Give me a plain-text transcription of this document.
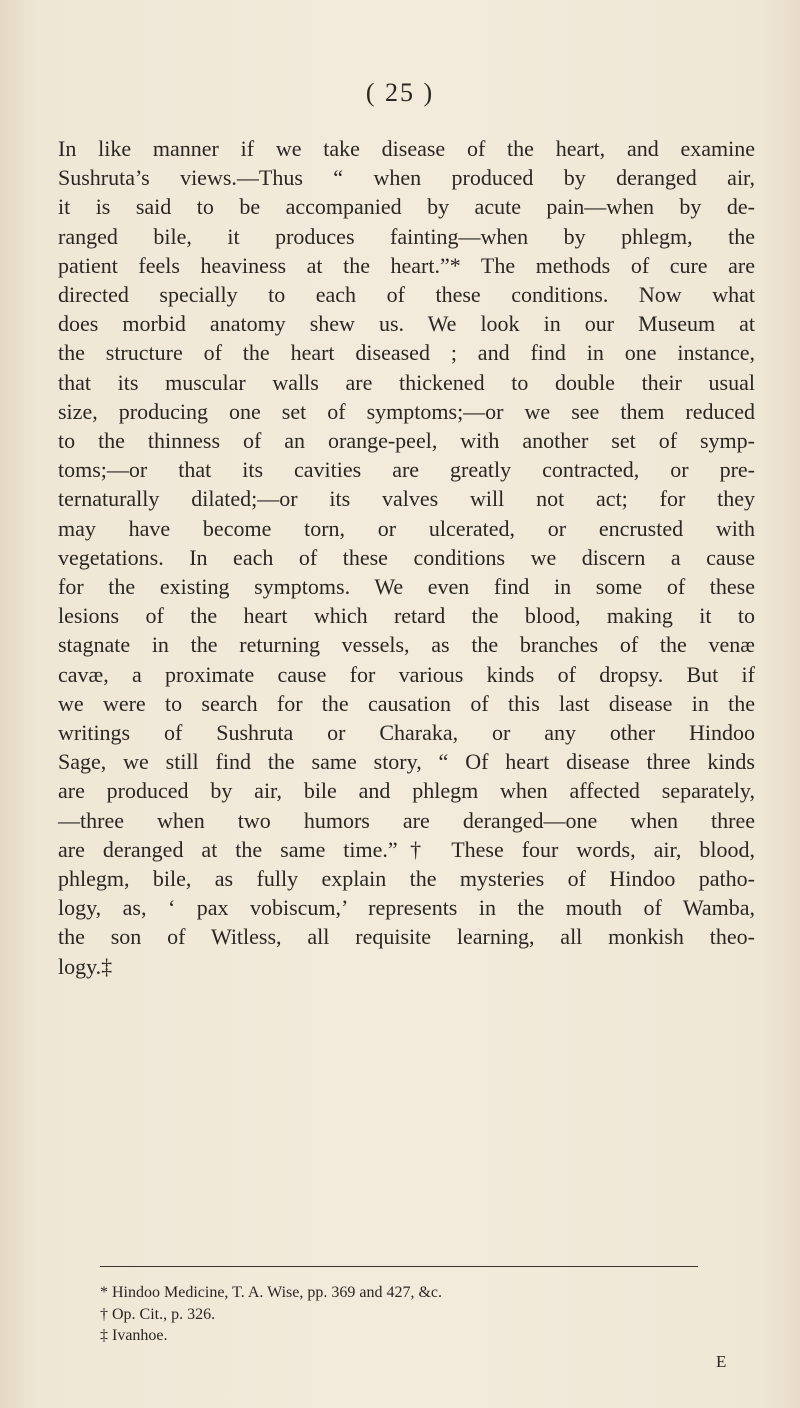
( 25 )
In like manner if we take disease of the heart, and examine
Sushruta’s views.—Thus “ when produced by deranged air,
it is said to be accompanied by acute pain—when by de-
ranged bile, it produces fainting—when by phlegm, the
patient feels heaviness at the heart.”* The methods of cure are
directed specially to each of these conditions. Now what
does morbid anatomy shew us. We look in our Museum at
the structure of the heart diseased ; and find in one instance,
that its muscular walls are thickened to double their usual
size, producing one set of symptoms;—or we see them reduced
to the thinness of an orange-peel, with another set of symp-
toms;—or that its cavities are greatly contracted, or pre-
ternaturally dilated;—or its valves will not act; for they
may have become torn, or ulcerated, or encrusted with
vegetations. In each of these conditions we discern a cause
for the existing symptoms. We even find in some of these
lesions of the heart which retard the blood, making it to
stagnate in the returning vessels, as the branches of the venæ
cavæ, a proximate cause for various kinds of dropsy. But if
we were to search for the causation of this last disease in the
writings of Sushruta or Charaka, or any other Hindoo
Sage, we still find the same story, “ Of heart disease three kinds
are produced by air, bile and phlegm when affected separately,
—three when two humors are deranged—one when three
are deranged at the same time.”† These four words, air, blood,
phlegm, bile, as fully explain the mysteries of Hindoo patho-
logy, as, ‘ pax vobiscum,’ represents in the mouth of Wamba,
the son of Witless, all requisite learning, all monkish theo-
logy.‡
* Hindoo Medicine, T. A. Wise, pp. 369 and 427, &c.
† Op. Cit., p. 326.
‡ Ivanhoe.
E
